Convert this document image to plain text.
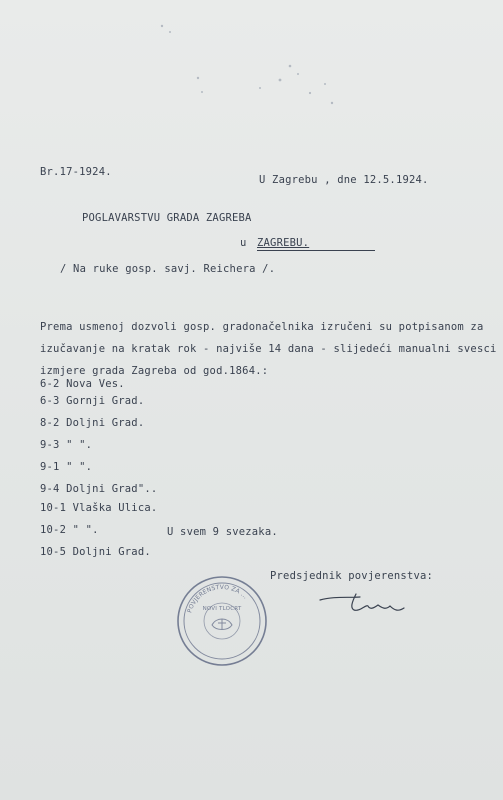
Br.17-1924.
U Zagrebu , dne 12.5.1924.
POGLAVARSTVU GRADA ZAGREBA
u ZAGREBU.
/ Na ruke gosp. savj. Reichera /.
Prema usmenoj dozvoli gosp. gradonačelnika izručeni su potpisanom za
izučavanje na kratak rok - najviše 14 dana - slijedeći manualni svesci
izmjere grada Zagreba od god.1864.:
6-2 Nova Ves.
6-3 Gornji Grad.
8-2 Doljni Grad.
9-3 " ".
9-1 " ".
9-4 Doljni Grad"..
10-1 Vlaška Ulica.
10-2 " ".	U svem 9 svezaka.
10-5 Doljni Grad.
Predsjednik povjerenstva:
POVJERENSTVO ZA ...
NOVI TLOCRT
